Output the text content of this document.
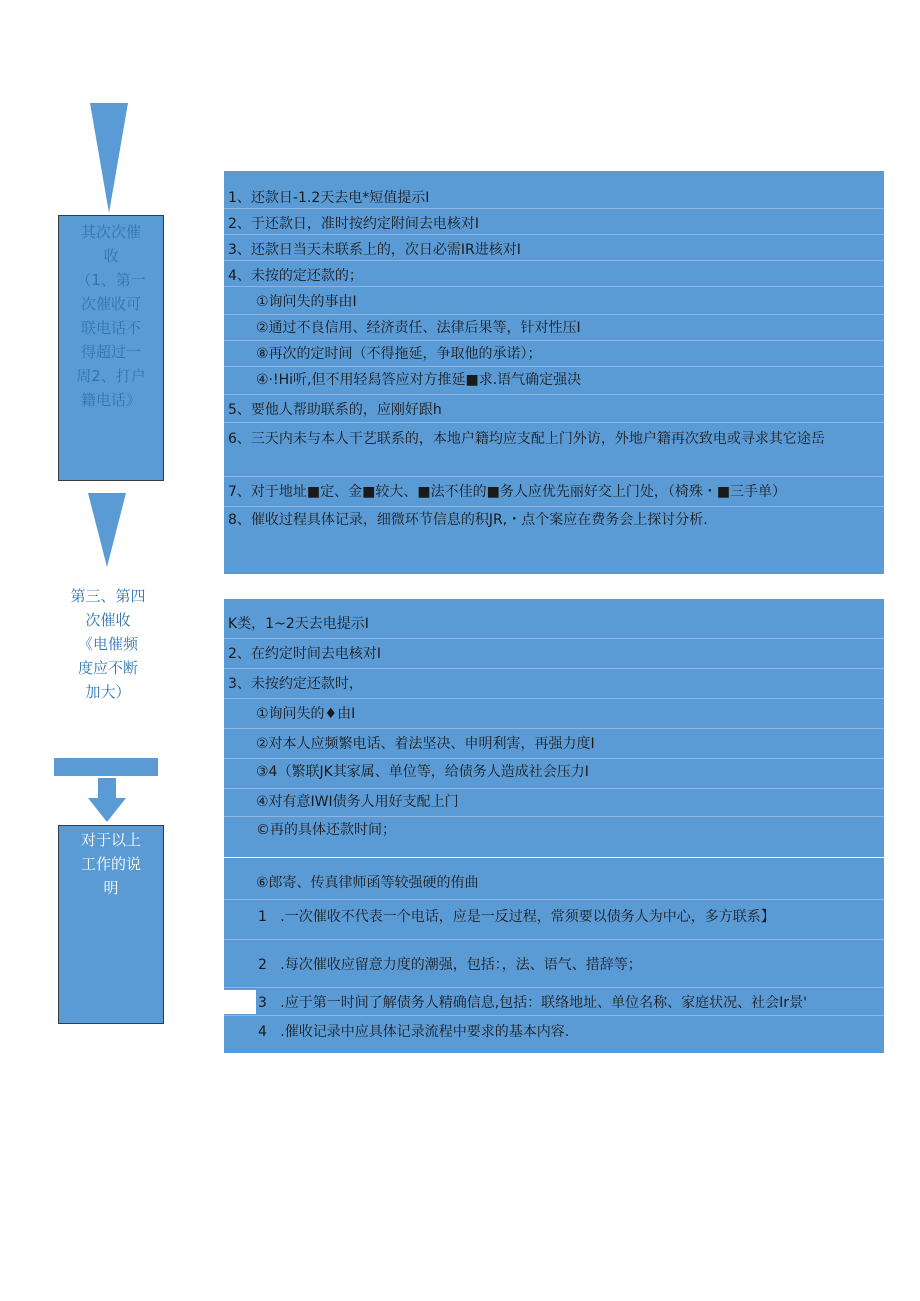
其次次催
收
（1、第一
次催收可
联电话不
得超过一
周2、打户
籍电话》
第三、第四
次催收
《电催频
度应不断
加大）
对于以上
工作的说
明
1、还款日-1.2天去电*短值提示I
2、于还款日，准时按约定附间去电核对I
3、还款日当天未联系上的，次日必需IR进核对I
4、未按的定还款的；
①询问失的事由I
②通过不良信用、经济责任、法律后果等，针对性压I
⑧再次的定时间（不得拖延，争取他的承诺）；
④·!Hi听,但不用轻舄答应对方推延■求.语气确定强决
5、要他人帮助联系的，应刚好跟h
6、三天内未与本人干艺联系的，本地户籍均应支配上门外访，外地户籍再次致电或寻求其它途岳
7、对于地址■定、金■较大、■法不佳的■务人应优先丽好交上门处，（椅殊・■三手单）
8、催收过程具体记录，细微环节信息的积JR,・点个案应在费务会上探讨分析.
K类，1~2天去电提示I
2、在约定时间去电核对I
3、未按约定还款时，
①询问失的♦由I
②对本人应频繁电话、着法坚决、申明利害，再强力度I
③4（繁联JK其家属、单位等，给债务人造成社会压力I
④对有意IWI债务人用好支配上门
©再的具体还款时间；
⑥郎寄、传真律师函等较强硬的侑曲
1 .一次催收不代表一个电话，应是一反过程，常须要以债务人为中心，多方联系】
2 .每次催收应留意力度的潮强，包括：，法、语气、措辞等；
3 .应于第一时间了解债务人精确信息,包括：联络地址、单位名称、家庭状况、社会Ir景'
4 .催收记录中应具体记录流程中要求的基本内容.
